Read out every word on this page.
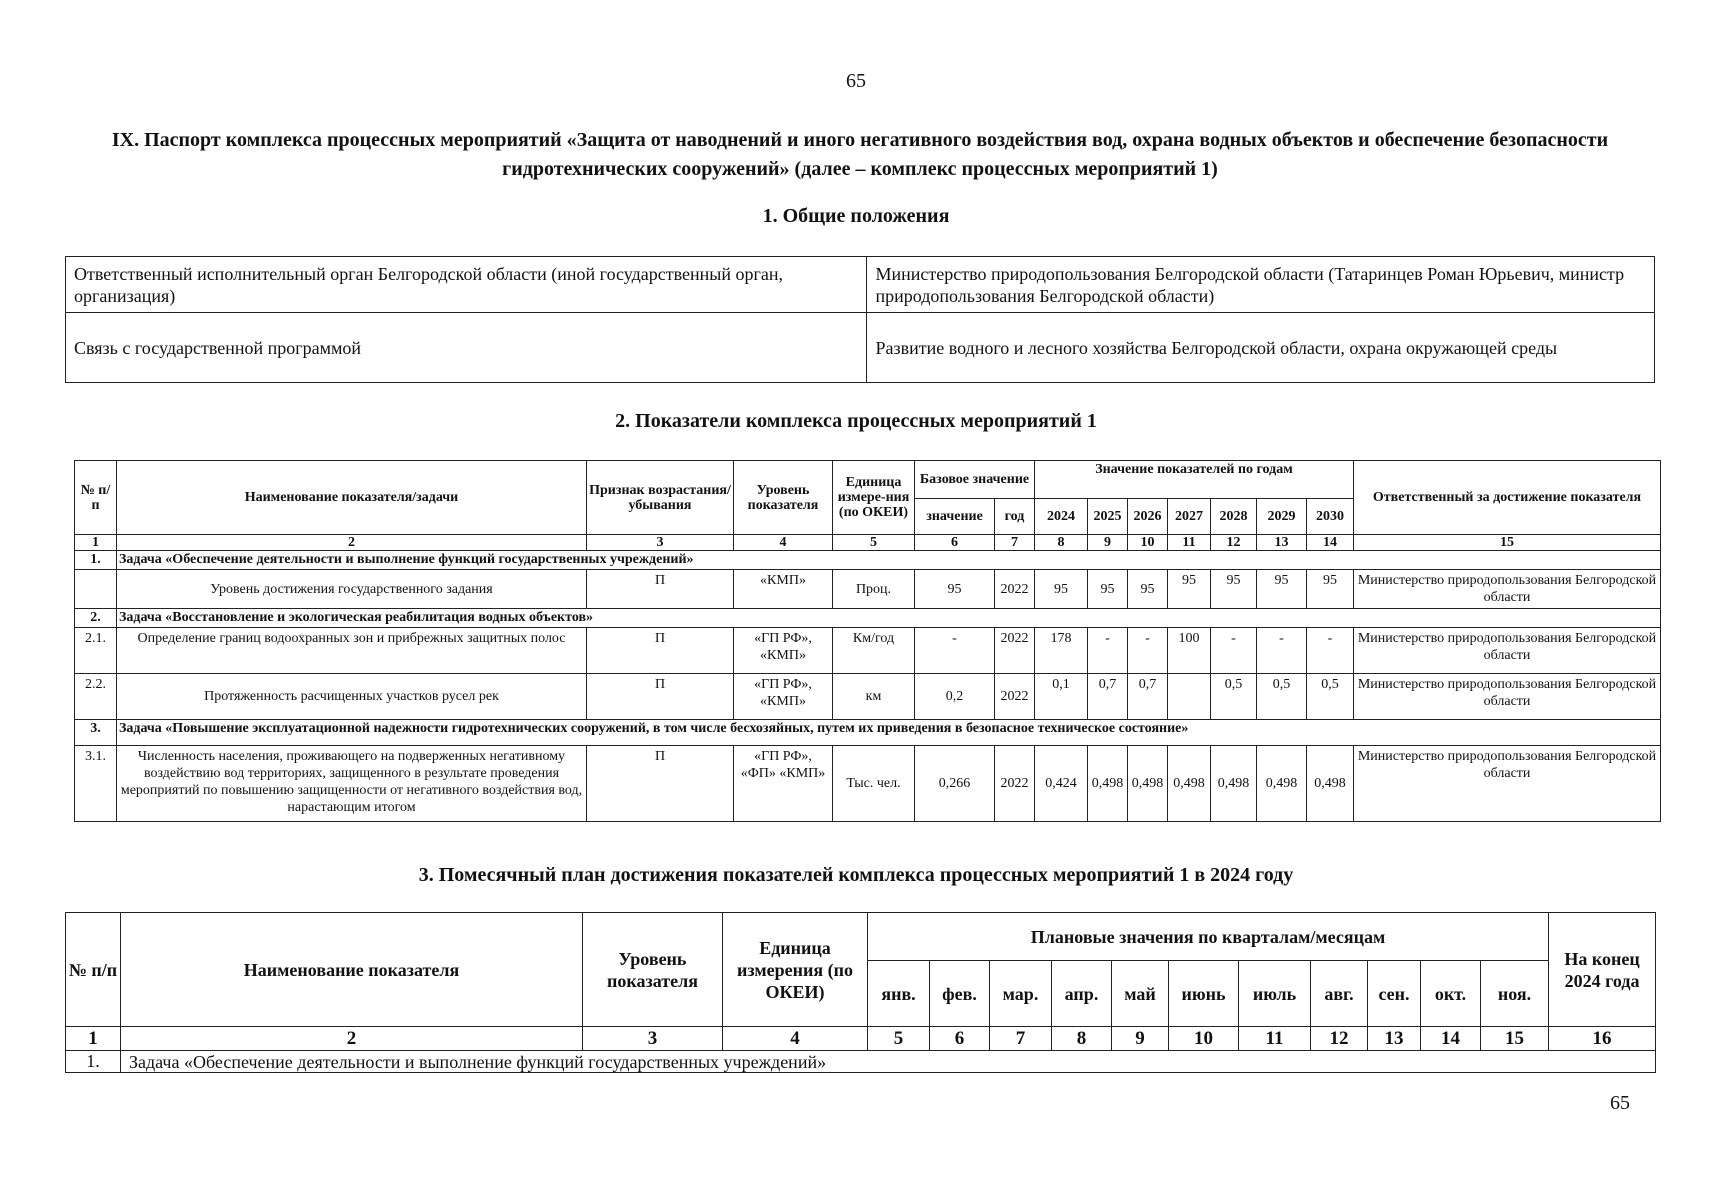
65
IX. Паспорт комплекса процессных мероприятий «Защита от наводнений и иного негативного воздействия вод, охрана водных объектов и обеспечение безопасности гидротехнических сооружений» (далее – комплекс процессных мероприятий 1)
1. Общие положения
Ответственный исполнительный орган Белгородской области (иной государственный орган, организация)	Министерство природопользования Белгородской области (Татаринцев Роман Юрьевич, министр природопользования Белгородской области)
Связь с государственной программой	Развитие водного и лесного хозяйства Белгородской области, охрана окружающей среды
2. Показатели комплекса процессных мероприятий 1
№ п/п	Наименование показателя/задачи	Признак возрастания/ убывания	Уровень показателя	Единица измере-ния (по ОКЕИ)	Базовое значение		Значение показателей по годам							Ответственный за достижение показателя
					значение	год	2024	2025	2026	2027	2028	2029	2030	
1	2	3	4	5	6	7	8	9	10	11	12	13	14	15
1.	Задача «Обеспечение деятельности и выполнение функций государственных учреждений»													
	Уровень достижения государственного задания	П	«КМП»	Проц.	95	2022	95	95	95	95	95	95	95	Министерство природопользования Белгородской области
2.	Задача «Восстановление и экологическая реабилитация водных объектов»													
2.1.	Определение границ водоохранных зон и прибрежных защитных полос	П	«ГП РФ», «КМП»	Км/год	-	2022	178	-	-	100	-	-	-	Министерство природопользования Белгородской области
2.2.	Протяженность расчищенных участков русел рек	П	«ГП РФ», «КМП»	км	0,2	2022	0,1	0,7	0,7		0,5	0,5	0,5	Министерство природопользования Белгородской области
3.	Задача «Повышение эксплуатационной надежности гидротехнических сооружений, в том числе бесхозяйных, путем их приведения в безопасное техническое состояние»													
3.1.	Численность населения, проживающего на подверженных негативному воздействию вод территориях, защищенного в результате проведения мероприятий по повышению защищенности от негативного воздействия вод, нарастающим итогом	П	«ГП РФ», «ФП» «КМП»	Тыс. чел.	0,266	2022	0,424	0,498	0,498	0,498	0,498	0,498	0,498	Министерство природопользования Белгородской области
3. Помесячный план достижения показателей комплекса процессных мероприятий 1 в 2024 году
№ п/п	Наименование показателя	Уровень показателя	Единица измерения (по ОКЕИ)	Плановые значения по кварталам/месяцам											На конец 2024 года
				янв.	фев.	мар.	апр.	май	июнь	июль	авг.	сен.	окт.	ноя.	
1	2	3	4	5	6	7	8	9	10	11	12	13	14	15	16
1.	Задача «Обеспечение деятельности и выполнение функций государственных учреждений»														
65
